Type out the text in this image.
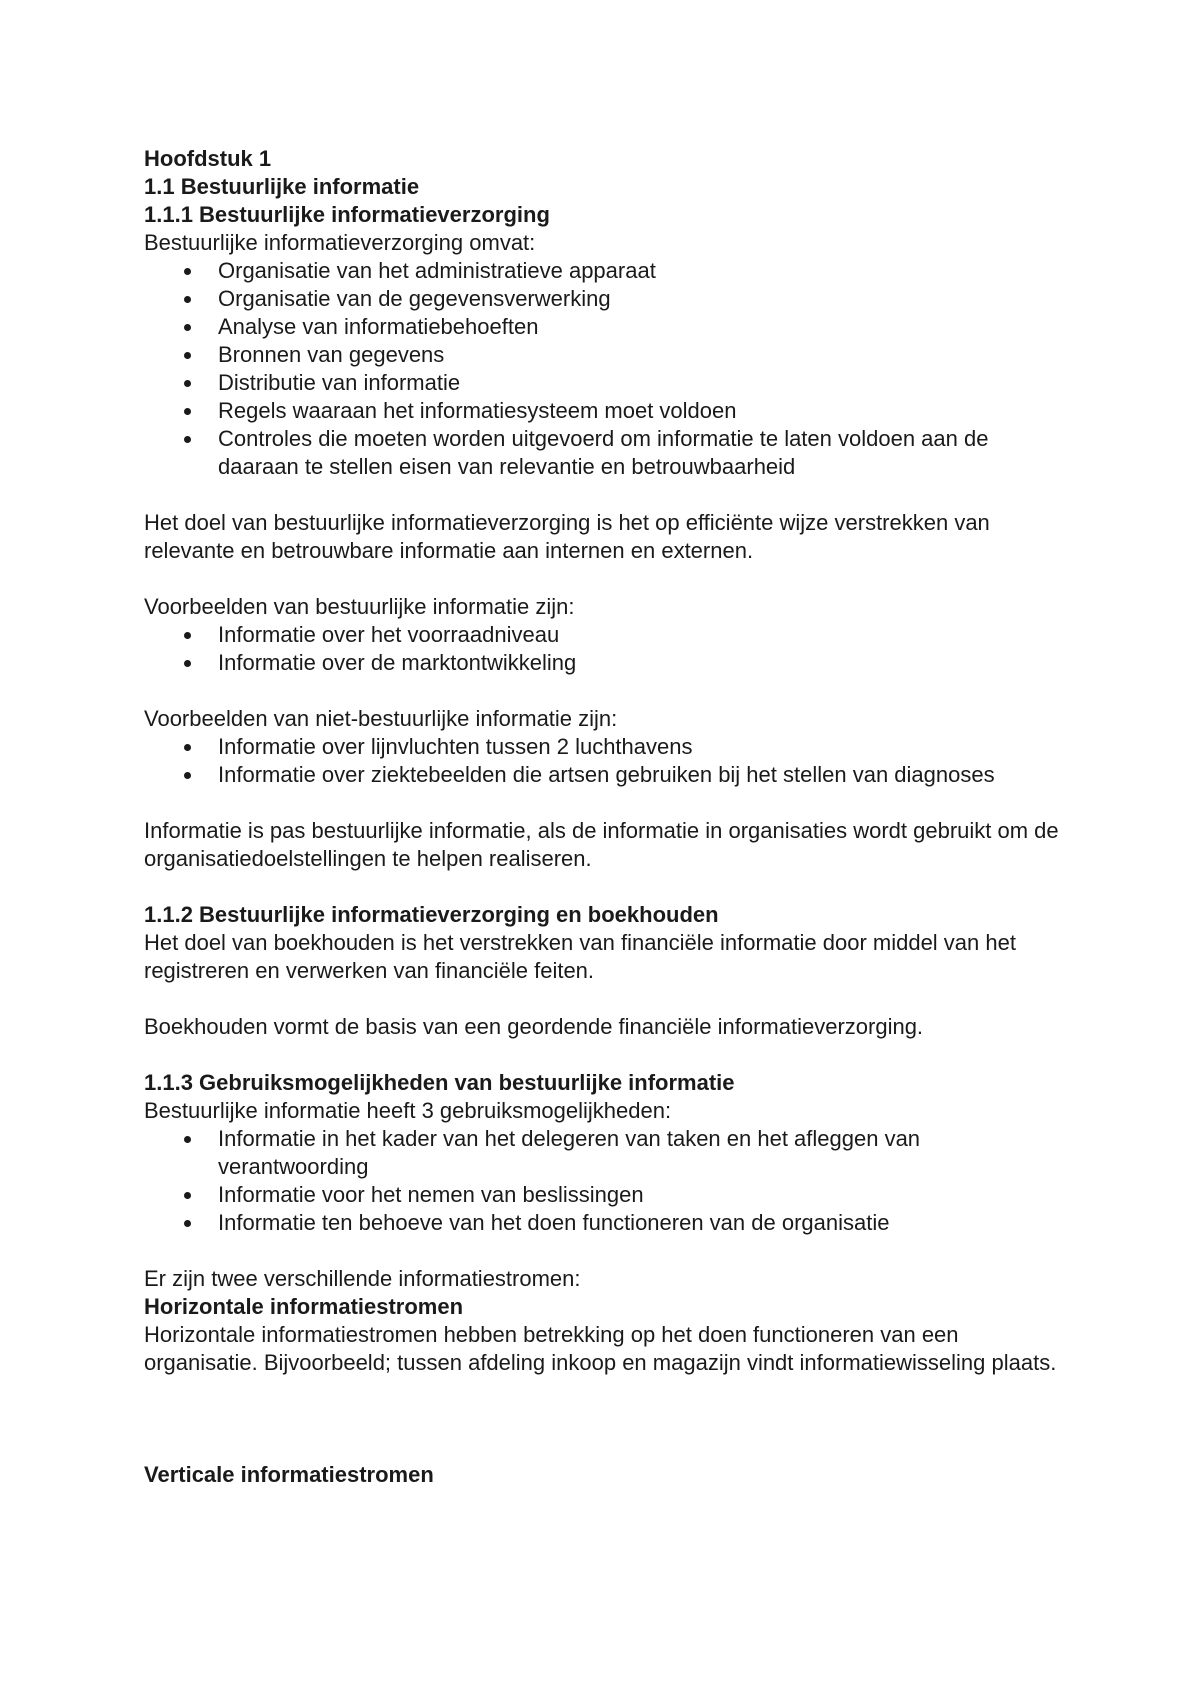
Hoofdstuk 1

1.1 Bestuurlijke informatie

1.1.1 Bestuurlijke informatieverzorging

Bestuurlijke informatieverzorging omvat:

Organisatie van het administratieve apparaat
Organisatie van de gegevensverwerking
Analyse van informatiebehoeften
Bronnen van gegevens
Distributie van informatie
Regels waaraan het informatiesysteem moet voldoen
Controles die moeten worden uitgevoerd om informatie te laten voldoen aan de daaraan te stellen eisen van relevantie en betrouwbaarheid

Het doel van bestuurlijke informatieverzorging is het op efficiënte wijze verstrekken van relevante en betrouwbare informatie aan internen en externen.

Voorbeelden van bestuurlijke informatie zijn:

Informatie over het voorraadniveau
Informatie over de marktontwikkeling

Voorbeelden van niet-bestuurlijke informatie zijn:

Informatie over lijnvluchten tussen 2 luchthavens
Informatie over ziektebeelden die artsen gebruiken bij het stellen van diagnoses

Informatie is pas bestuurlijke informatie, als de informatie in organisaties wordt gebruikt om de organisatiedoelstellingen te helpen realiseren.

1.1.2 Bestuurlijke informatieverzorging en boekhouden

Het doel van boekhouden is het verstrekken van financiële informatie door middel van het registreren en verwerken van financiële feiten.

Boekhouden vormt de basis van een geordende financiële informatieverzorging.

1.1.3 Gebruiksmogelijkheden van bestuurlijke informatie

Bestuurlijke informatie heeft 3 gebruiksmogelijkheden:

Informatie in het kader van het delegeren van taken en het afleggen van verantwoording
Informatie voor het nemen van beslissingen
Informatie ten behoeve van het doen functioneren van de organisatie

Er zijn twee verschillende informatiestromen:

Horizontale informatiestromen

Horizontale informatiestromen hebben betrekking op het doen functioneren van een organisatie. Bijvoorbeeld; tussen afdeling inkoop en magazijn vindt informatiewisseling plaats.

Verticale informatiestromen
